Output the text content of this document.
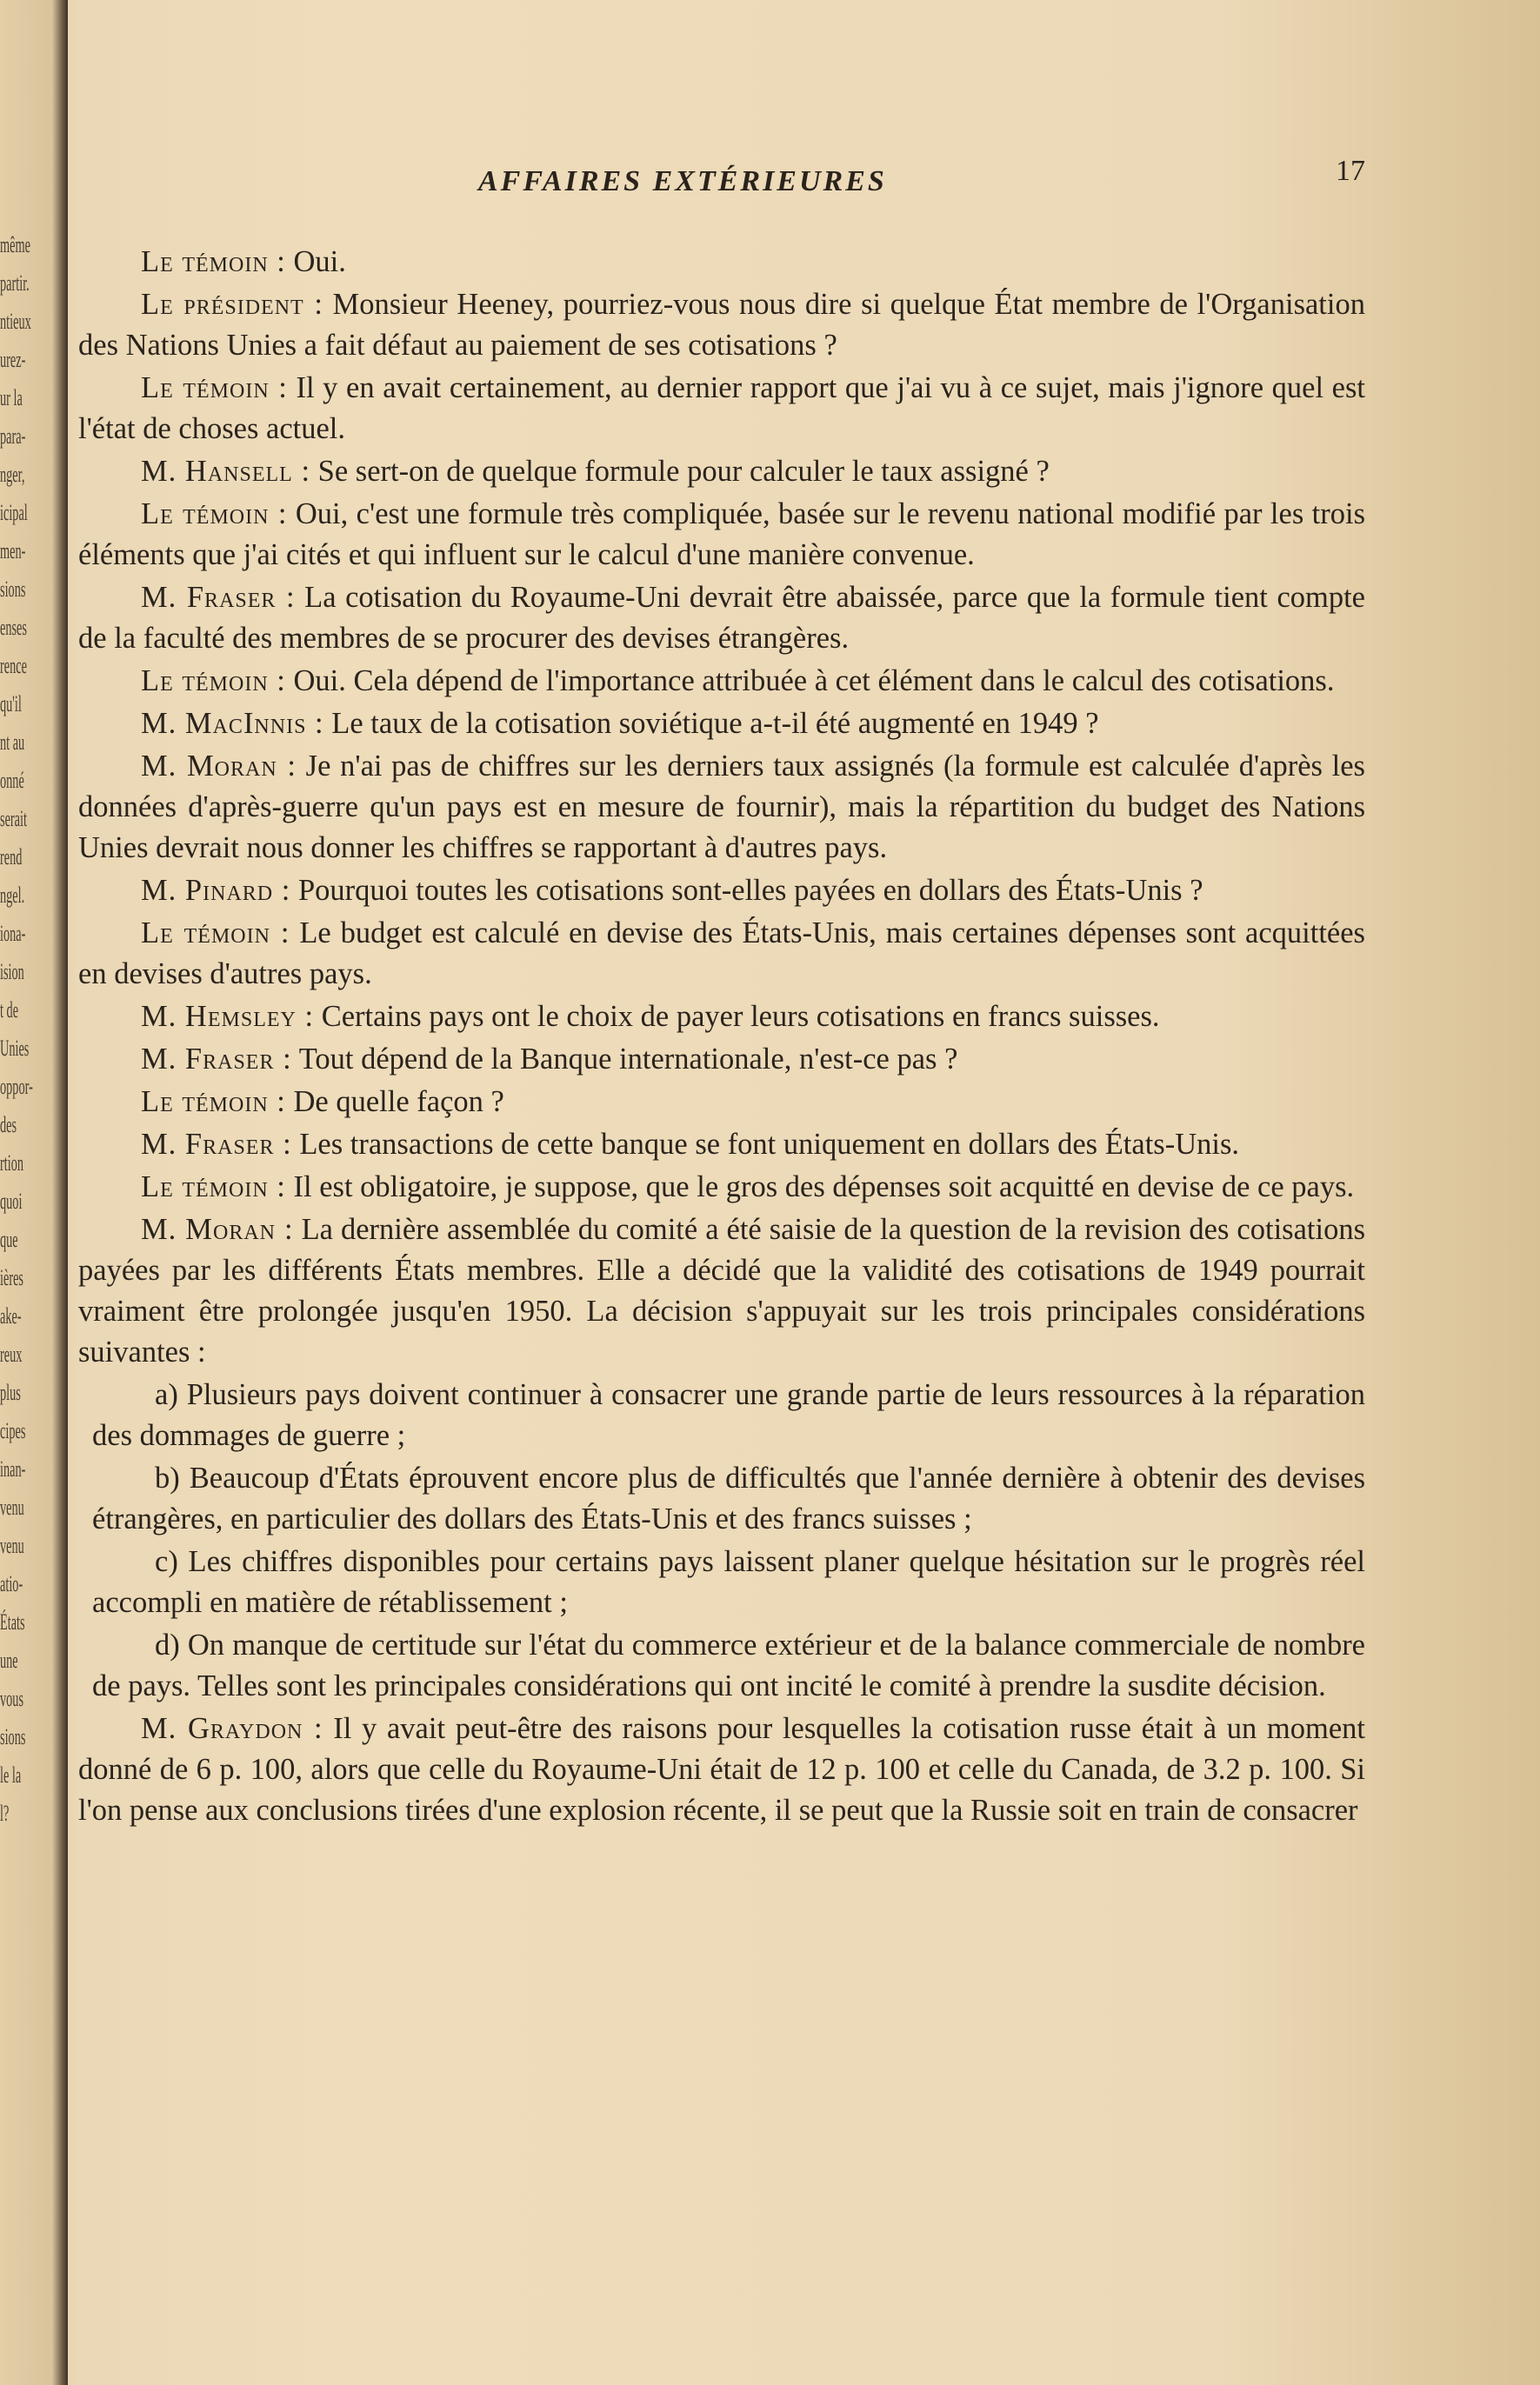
même
partir.
ntieux
urez-
ur la
para-
nger,
icipal
men-
sions
enses
rence
qu'il
nt au
onné
serait
rend
ngel.
iona-
ision
t de
Unies
oppor-
des
rtion
quoi
que
ières
ake-
reux
plus
cipes
inan-
venu
venu
atio-
États
une
vous
sions
le la
l?
AFFAIRES EXTÉRIEURES	17

Le témoin : Oui.

Le président : Monsieur Heeney, pourriez-vous nous dire si quelque État membre de l'Organisation des Nations Unies a fait défaut au paiement de ses cotisations ?

Le témoin : Il y en avait certainement, au dernier rapport que j'ai vu à ce sujet, mais j'ignore quel est l'état de choses actuel.

M. Hansell : Se sert-on de quelque formule pour calculer le taux assigné ?

Le témoin : Oui, c'est une formule très compliquée, basée sur le revenu national modifié par les trois éléments que j'ai cités et qui influent sur le calcul d'une manière convenue.

M. Fraser : La cotisation du Royaume-Uni devrait être abaissée, parce que la formule tient compte de la faculté des membres de se procurer des devises étrangères.

Le témoin : Oui. Cela dépend de l'importance attribuée à cet élément dans le calcul des cotisations.

M. MacInnis : Le taux de la cotisation soviétique a-t-il été augmenté en 1949 ?

M. Moran : Je n'ai pas de chiffres sur les derniers taux assignés (la formule est calculée d'après les données d'après-guerre qu'un pays est en mesure de fournir), mais la répartition du budget des Nations Unies devrait nous donner les chiffres se rapportant à d'autres pays.

M. Pinard : Pourquoi toutes les cotisations sont-elles payées en dollars des États-Unis ?

Le témoin : Le budget est calculé en devise des États-Unis, mais certaines dépenses sont acquittées en devises d'autres pays.

M. Hemsley : Certains pays ont le choix de payer leurs cotisations en francs suisses.

M. Fraser : Tout dépend de la Banque internationale, n'est-ce pas ?

Le témoin : De quelle façon ?

M. Fraser : Les transactions de cette banque se font uniquement en dollars des États-Unis.

Le témoin : Il est obligatoire, je suppose, que le gros des dépenses soit acquitté en devise de ce pays.

M. Moran : La dernière assemblée du comité a été saisie de la question de la revision des cotisations payées par les différents États membres. Elle a décidé que la validité des cotisations de 1949 pourrait vraiment être prolongée jusqu'en 1950. La décision s'appuyait sur les trois principales considérations suivantes :

a) Plusieurs pays doivent continuer à consacrer une grande partie de leurs ressources à la réparation des dommages de guerre ;

b) Beaucoup d'États éprouvent encore plus de difficultés que l'année dernière à obtenir des devises étrangères, en particulier des dollars des États-Unis et des francs suisses ;

c) Les chiffres disponibles pour certains pays laissent planer quelque hésitation sur le progrès réel accompli en matière de rétablissement ;

d) On manque de certitude sur l'état du commerce extérieur et de la balance commerciale de nombre de pays. Telles sont les principales considérations qui ont incité le comité à prendre la susdite décision.

M. Graydon : Il y avait peut-être des raisons pour lesquelles la cotisation russe était à un moment donné de 6 p. 100, alors que celle du Royaume-Uni était de 12 p. 100 et celle du Canada, de 3.2 p. 100. Si l'on pense aux conclusions tirées d'une explosion récente, il se peut que la Russie soit en train de consacrer
